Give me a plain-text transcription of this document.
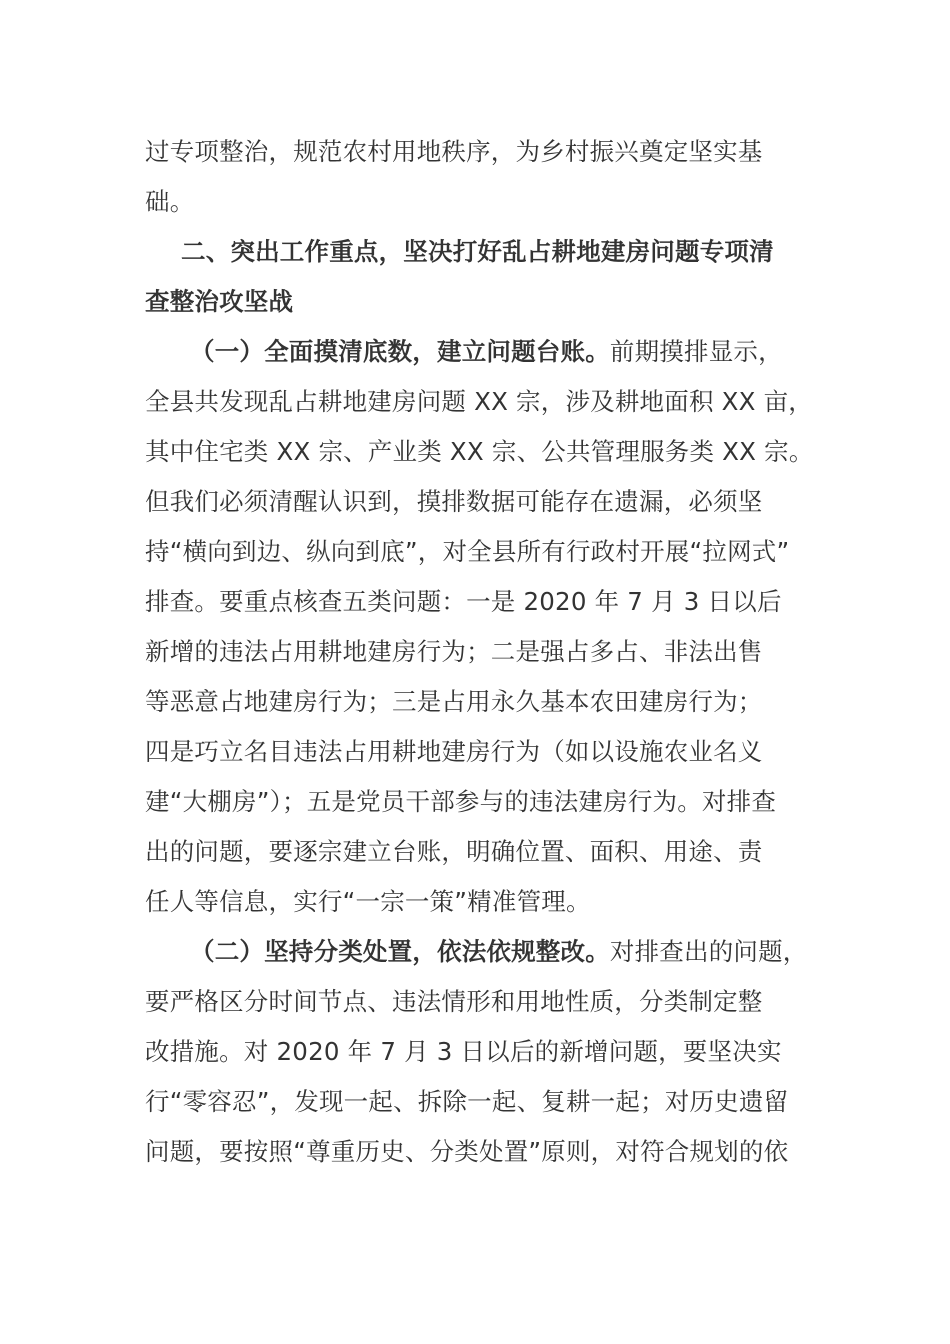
过专项整治，规范农村用地秩序，为乡村振兴奠定坚实基
础。
二、突出工作重点，坚决打好乱占耕地建房问题专项清
查整治攻坚战
（一）全面摸清底数，建立问题台账。前期摸排显示，
全县共发现乱占耕地建房问题 XX 宗，涉及耕地面积 XX 亩，
其中住宅类 XX 宗、产业类 XX 宗、公共管理服务类 XX 宗。
但我们必须清醒认识到，摸排数据可能存在遗漏，必须坚
持“横向到边、纵向到底”，对全县所有行政村开展“拉网式”
排查。要重点核查五类问题：一是 2020 年 7 月 3 日以后
新增的违法占用耕地建房行为；二是强占多占、非法出售
等恶意占地建房行为；三是占用永久基本农田建房行为；
四是巧立名目违法占用耕地建房行为（如以设施农业名义
建“大棚房”）；五是党员干部参与的违法建房行为。对排查
出的问题，要逐宗建立台账，明确位置、面积、用途、责
任人等信息，实行“一宗一策”精准管理。
（二）坚持分类处置，依法依规整改。对排查出的问题，
要严格区分时间节点、违法情形和用地性质，分类制定整
改措施。对 2020 年 7 月 3 日以后的新增问题，要坚决实
行“零容忍”，发现一起、拆除一起、复耕一起；对历史遗留
问题，要按照“尊重历史、分类处置”原则，对符合规划的依
